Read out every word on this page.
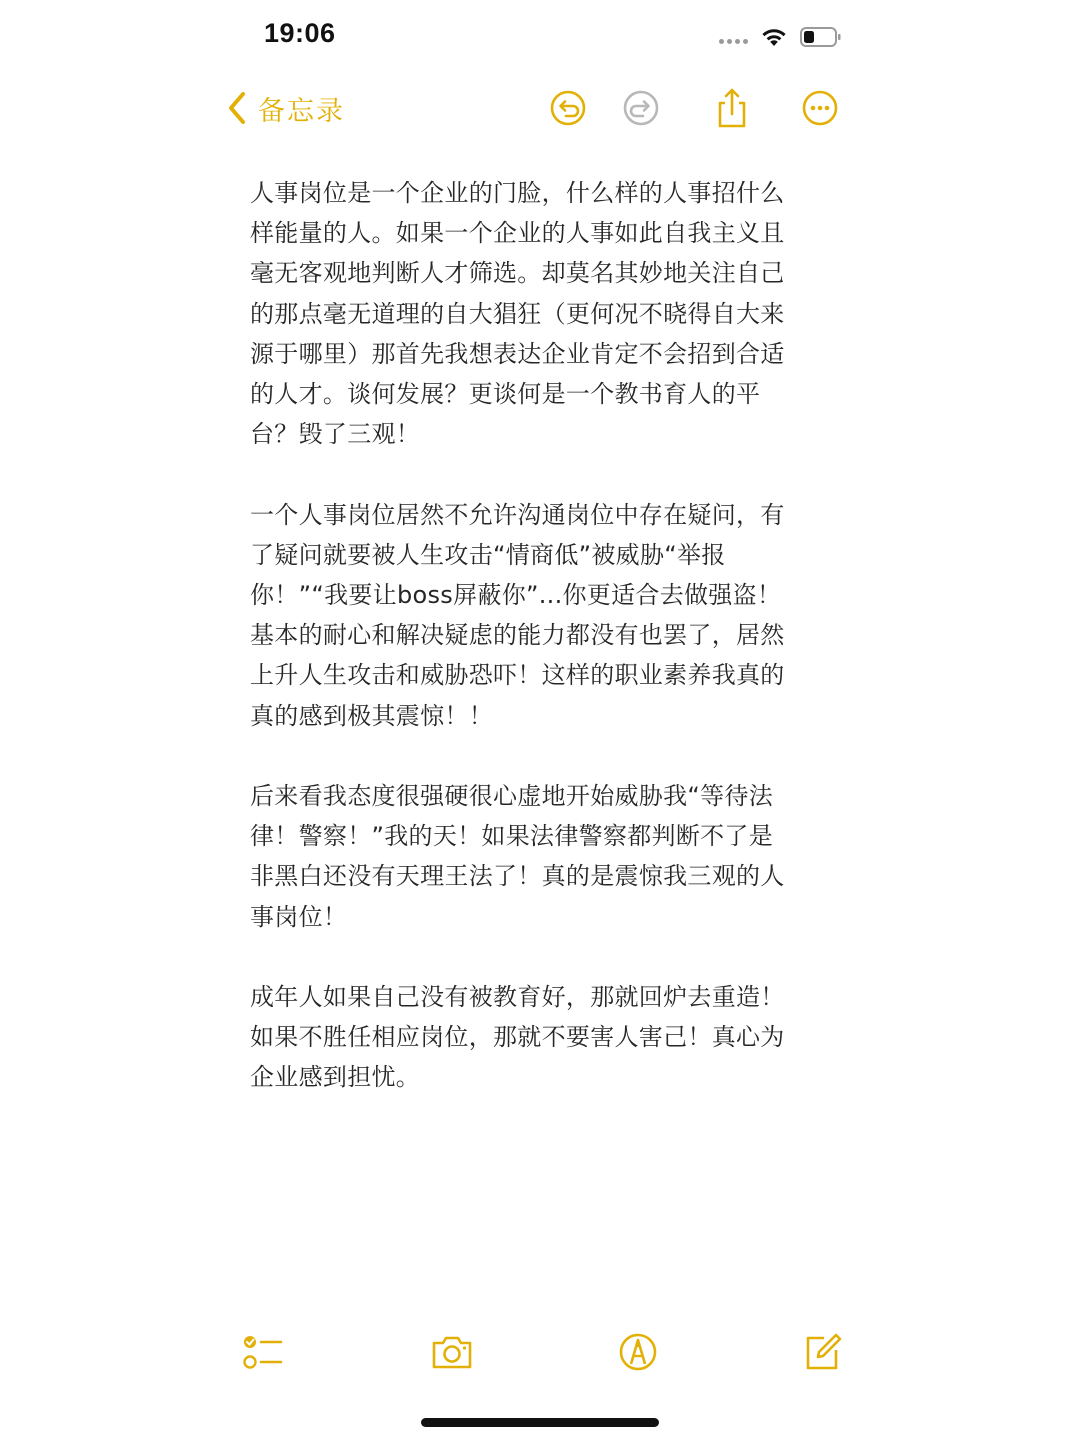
19:06
备忘录

人事岗位是一个企业的门脸，什么样的人事招什么
样能量的人。如果一个企业的人事如此自我主义且
毫无客观地判断人才筛选。却莫名其妙地关注自己
的那点毫无道理的自大猖狂（更何况不晓得自大来
源于哪里）那首先我想表达企业肯定不会招到合适
的人才。谈何发展？更谈何是一个教书育人的平
台？毁了三观！

一个人事岗位居然不允许沟通岗位中存在疑问，有
了疑问就要被人生攻击“情商低”被威胁“举报
你！”“我要让boss屏蔽你”...你更适合去做强盗！
基本的耐心和解决疑虑的能力都没有也罢了，居然
上升人生攻击和威胁恐吓！这样的职业素养我真的
真的感到极其震惊！！

后来看我态度很强硬很心虚地开始威胁我“等待法
律！警察！”我的天！如果法律警察都判断不了是
非黑白还没有天理王法了！真的是震惊我三观的人
事岗位！

成年人如果自己没有被教育好，那就回炉去重造！
如果不胜任相应岗位，那就不要害人害己！真心为
企业感到担忧。
